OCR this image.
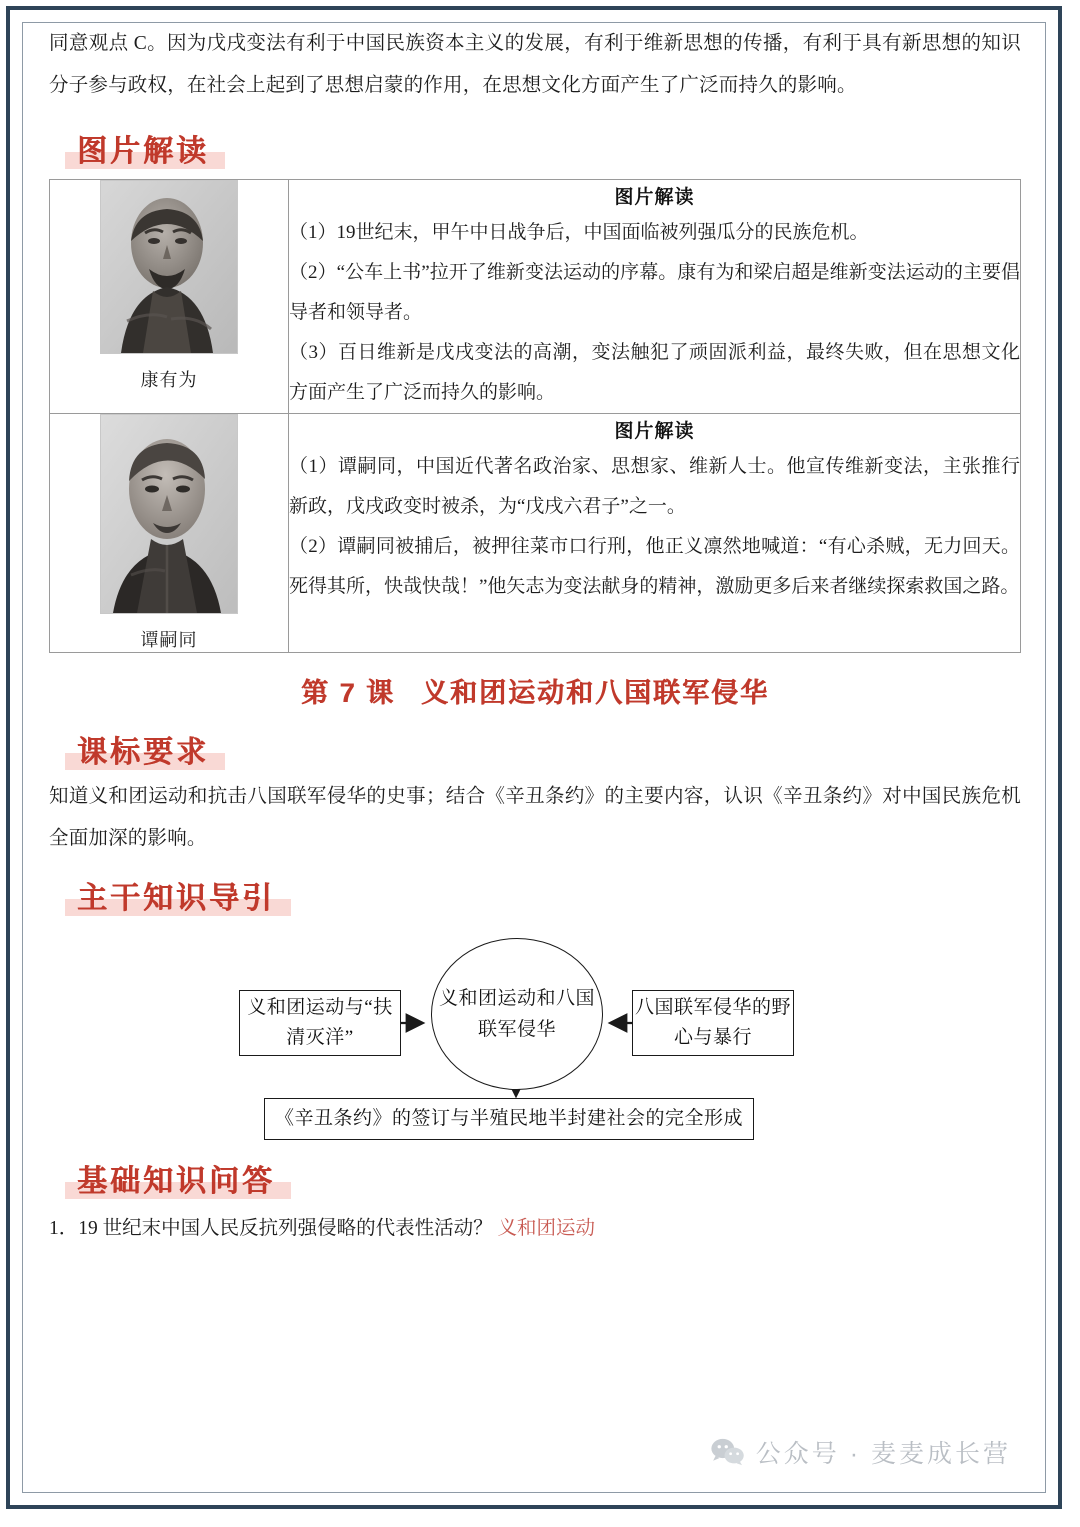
同意观点 C。因为戊戌变法有利于中国民族资本主义的发展，有利于维新思想的传播，有利于具有新思想的知识分子参与政权，在社会上起到了思想启蒙的作用，在思想文化方面产生了广泛而持久的影响。

图片解读
康有为	图片解读

（1）19世纪末，甲午中日战争后，中国面临被列强瓜分的民族危机。

（2）“公车上书”拉开了维新变法运动的序幕。康有为和梁启超是维新变法运动的主要倡导者和领导者。

（3）百日维新是戊戌变法的高潮，变法触犯了顽固派利益，最终失败，但在思想文化方面产生了广泛而持久的影响。

谭嗣同	图片解读

（1）谭嗣同，中国近代著名政治家、思想家、维新人士。他宣传维新变法，主张推行新政，戊戌政变时被杀，为“戊戌六君子”之一。

（2）谭嗣同被捕后，被押往菜市口行刑，他正义凛然地喊道：“有心杀贼，无力回天。死得其所，快哉快哉！”他矢志为变法献身的精神，激励更多后来者继续探索救国之路。

第 7 课 义和团运动和八国联军侵华
课标要求

知道义和团运动和抗击八国联军侵华的史事；结合《辛丑条约》的主要内容，认识《辛丑条约》对中国民族危机全面加深的影响。

主干知识导引
义和团运动与“扶清灭洋”
义和团运动和八国联军侵华
八国联军侵华的野心与暴行
《辛丑条约》的签订与半殖民地半封建社会的完全形成
基础知识问答

1．19 世纪末中国人民反抗列强侵略的代表性活动？ 义和团运动

公众号 · 麦麦成长营
